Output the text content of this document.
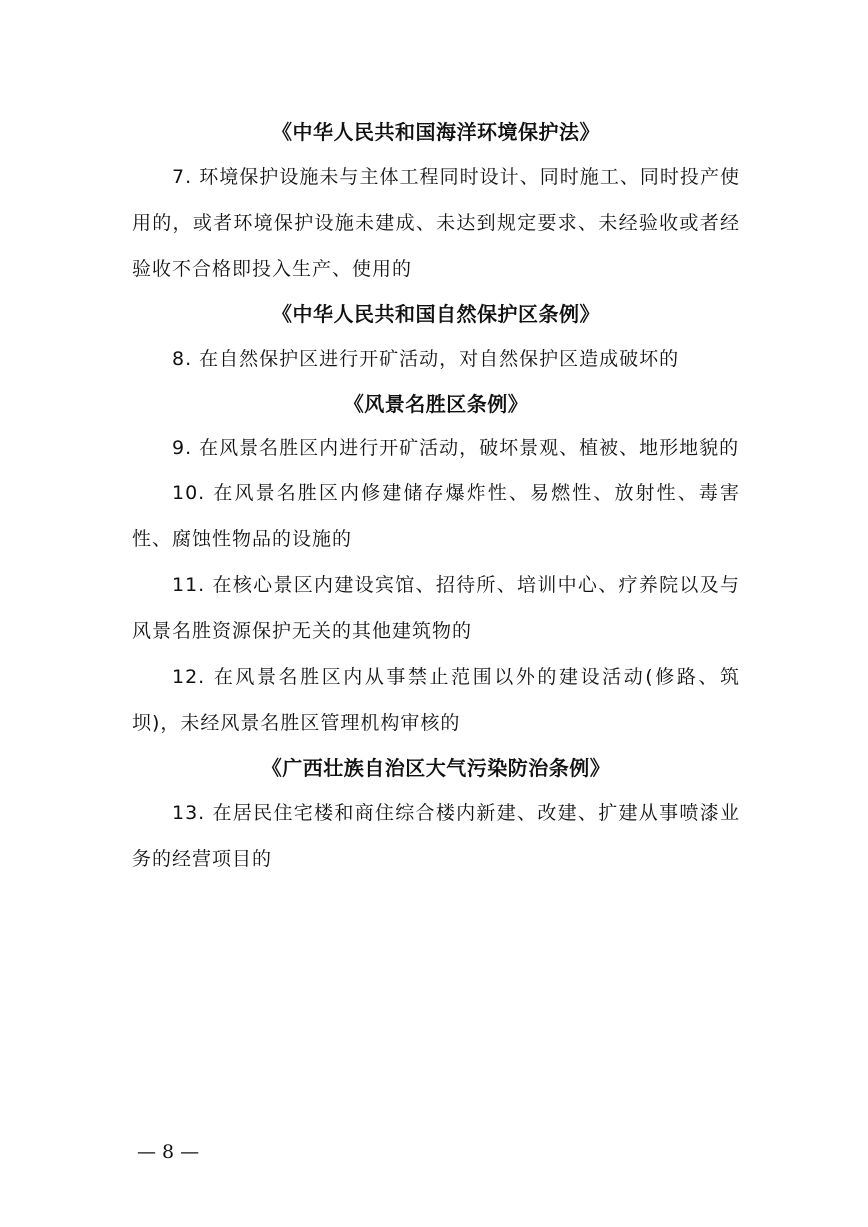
《中华人民共和国海洋环境保护法》

7. 环境保护设施未与主体工程同时设计、同时施工、同时投产使用的，或者环境保护设施未建成、未达到规定要求、未经验收或者经验收不合格即投入生产、使用的

《中华人民共和国自然保护区条例》

8. 在自然保护区进行开矿活动，对自然保护区造成破坏的

《风景名胜区条例》

9. 在风景名胜区内进行开矿活动，破坏景观、植被、地形地貌的

10. 在风景名胜区内修建储存爆炸性、易燃性、放射性、毒害性、腐蚀性物品的设施的

11. 在核心景区内建设宾馆、招待所、培训中心、疗养院以及与风景名胜资源保护无关的其他建筑物的

12. 在风景名胜区内从事禁止范围以外的建设活动(修路、筑坝)，未经风景名胜区管理机构审核的

《广西壮族自治区大气污染防治条例》

13. 在居民住宅楼和商住综合楼内新建、改建、扩建从事喷漆业务的经营项目的

— 8 —
